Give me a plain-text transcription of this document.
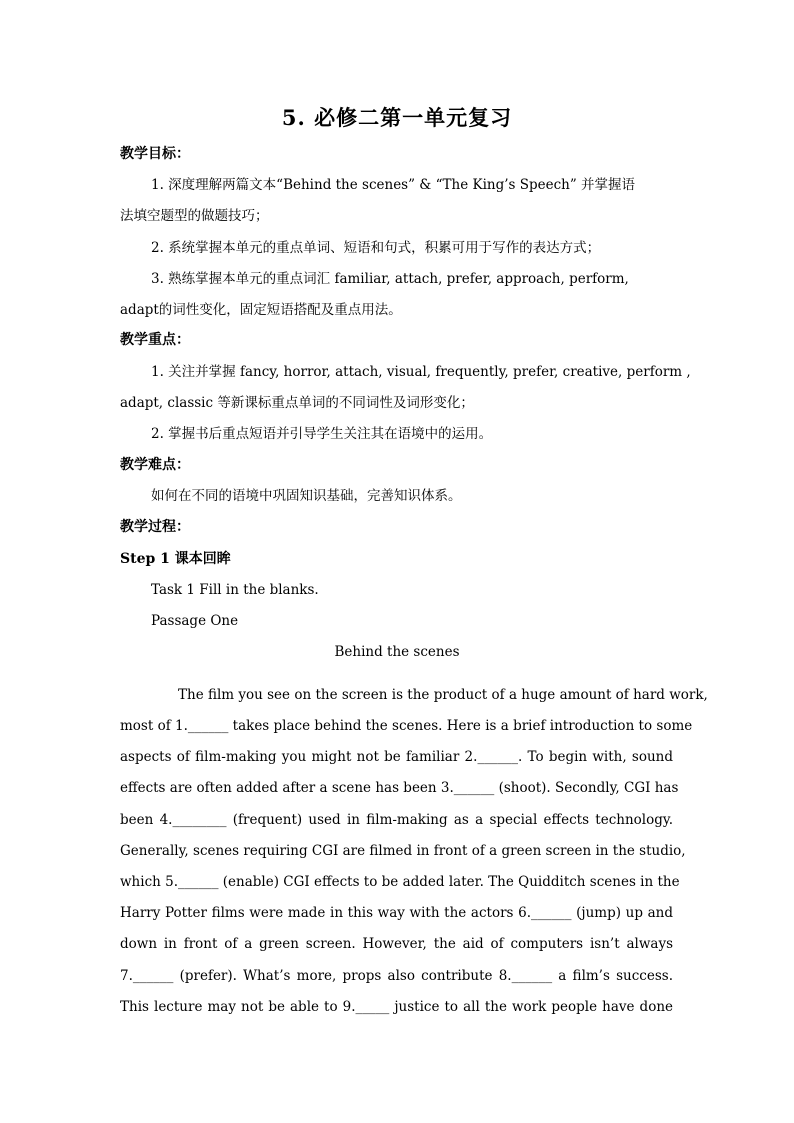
5. 必修二第一单元复习
教学目标：
1. 深度理解两篇文本“Behind the scenes” & “The King’s Speech” 并掌握语
法填空题型的做题技巧；
2. 系统掌握本单元的重点单词、短语和句式，积累可用于写作的表达方式；
3. 熟练掌握本单元的重点词汇 familiar, attach, prefer, approach, perform,
adapt的词性变化，固定短语搭配及重点用法。
教学重点：
1. 关注并掌握 fancy, horror, attach, visual, frequently, prefer, creative, perform ,
adapt, classic 等新课标重点单词的不同词性及词形变化；
2. 掌握书后重点短语并引导学生关注其在语境中的运用。
教学难点：
如何在不同的语境中巩固知识基础，完善知识体系。
教学过程：
Step 1 课本回眸
Task 1 Fill in the blanks.
Passage One
Behind the scenes
The film you see on the screen is the product of a huge amount of hard work,
most of 1.______ takes place behind the scenes. Here is a brief introduction to some
aspects of film-making you might not be familiar 2.______. To begin with, sound
effects are often added after a scene has been 3.______ (shoot). Secondly, CGI has
been 4.________ (frequent) used in film-making as a special effects technology.
Generally, scenes requiring CGI are filmed in front of a green screen in the studio,
which 5.______ (enable) CGI effects to be added later. The Quidditch scenes in the
Harry Potter films were made in this way with the actors 6.______ (jump) up and
down in front of a green screen. However, the aid of computers isn’t always
7.______ (prefer). What’s more, props also contribute 8.______ a film’s success.
This lecture may not be able to 9._____ justice to all the work people have done
